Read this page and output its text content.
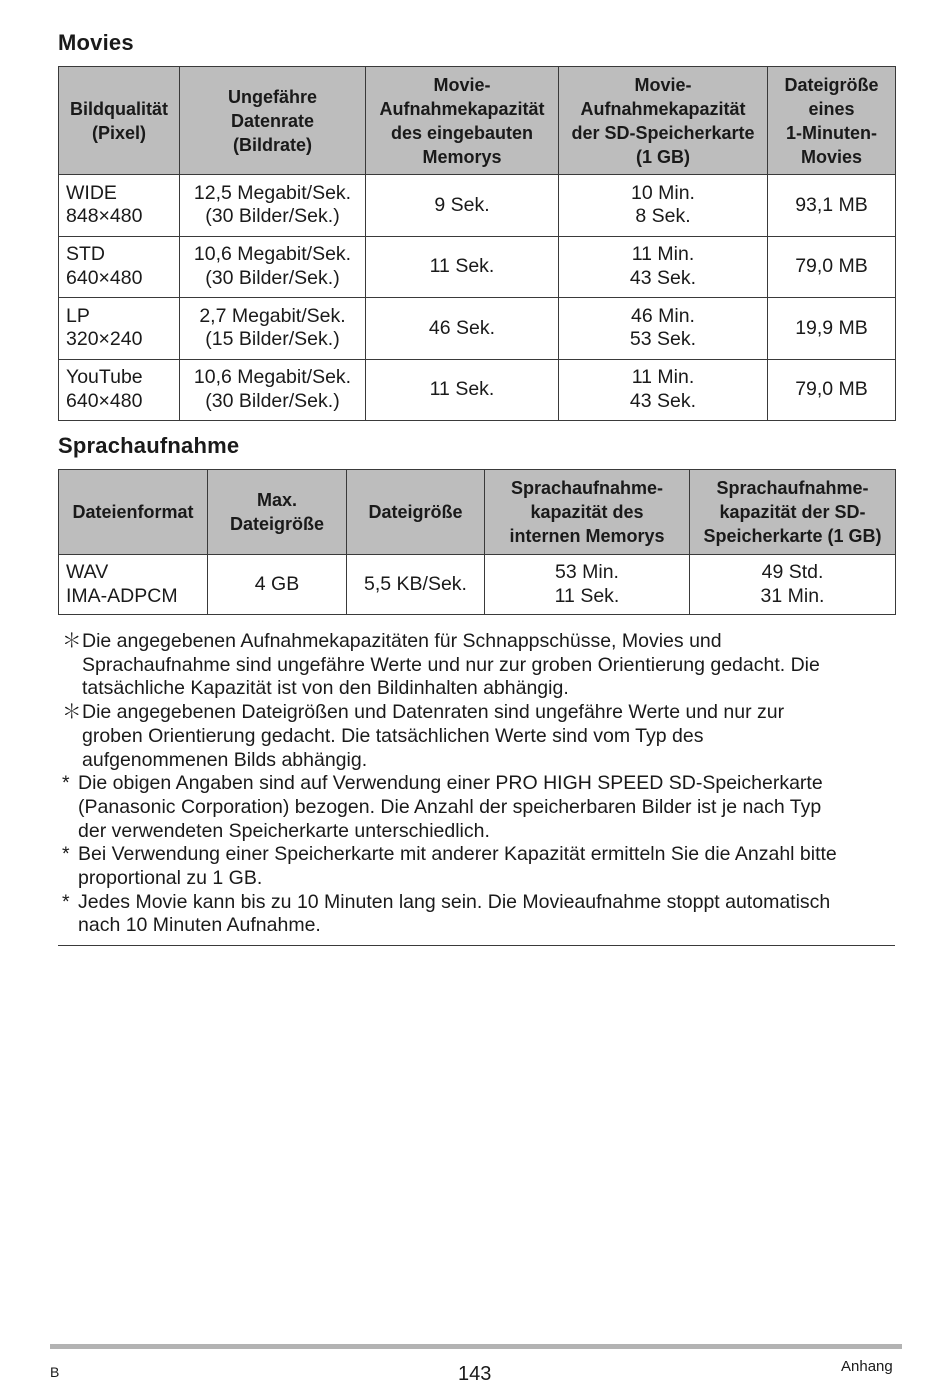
Movies
Bildqualität
(Pixel)	Ungefähre
Datenrate
(Bildrate)	Movie-
Aufnahmekapazität
des eingebauten
Memorys	Movie-
Aufnahmekapazität
der SD-Speicherkarte
(1 GB)	Dateigröße
eines
1-Minuten-
Movies

WIDE
848×480	12,5 Megabit/Sek.
(30 Bilder/Sek.)	9 Sek.	10 Min.
8 Sek.	93,1 MB

STD
640×480	10,6 Megabit/Sek.
(30 Bilder/Sek.)	11 Sek.	11 Min.
43 Sek.	79,0 MB

LP
320×240	2,7 Megabit/Sek.
(15 Bilder/Sek.)	46 Sek.	46 Min.
53 Sek.	19,9 MB

YouTube
640×480	10,6 Megabit/Sek.
(30 Bilder/Sek.)	11 Sek.	11 Min.
43 Sek.	79,0 MB
Sprachaufnahme
Dateienformat	Max.
Dateigröße	Dateigröße	Sprachaufnahme-
kapazität des
internen Memorys	Sprachaufnahme-
kapazität der SD-
Speicherkarte (1 GB)

WAV
IMA-ADPCM	4 GB	5,5 KB/Sek.	53 Min.
11 Sek.	49 Std.
31 Min.
＊ Die angegebenen Aufnahmekapazitäten für Schnappschüsse, Movies und
Sprachaufnahme sind ungefähre Werte und nur zur groben Orientierung gedacht. Die
tatsächliche Kapazität ist von den Bildinhalten abhängig.
＊ Die angegebenen Dateigrößen und Datenraten sind ungefähre Werte und nur zur
groben Orientierung gedacht. Die tatsächlichen Werte sind vom Typ des
aufgenommenen Bilds abhängig.
* Die obigen Angaben sind auf Verwendung einer PRO HIGH SPEED SD-Speicherkarte
(Panasonic Corporation) bezogen. Die Anzahl der speicherbaren Bilder ist je nach Typ
der verwendeten Speicherkarte unterschiedlich.
* Bei Verwendung einer Speicherkarte mit anderer Kapazität ermitteln Sie die Anzahl bitte
proportional zu 1 GB.
* Jedes Movie kann bis zu 10 Minuten lang sein. Die Movieaufnahme stoppt automatisch
nach 10 Minuten Aufnahme.
B	143	Anhang
